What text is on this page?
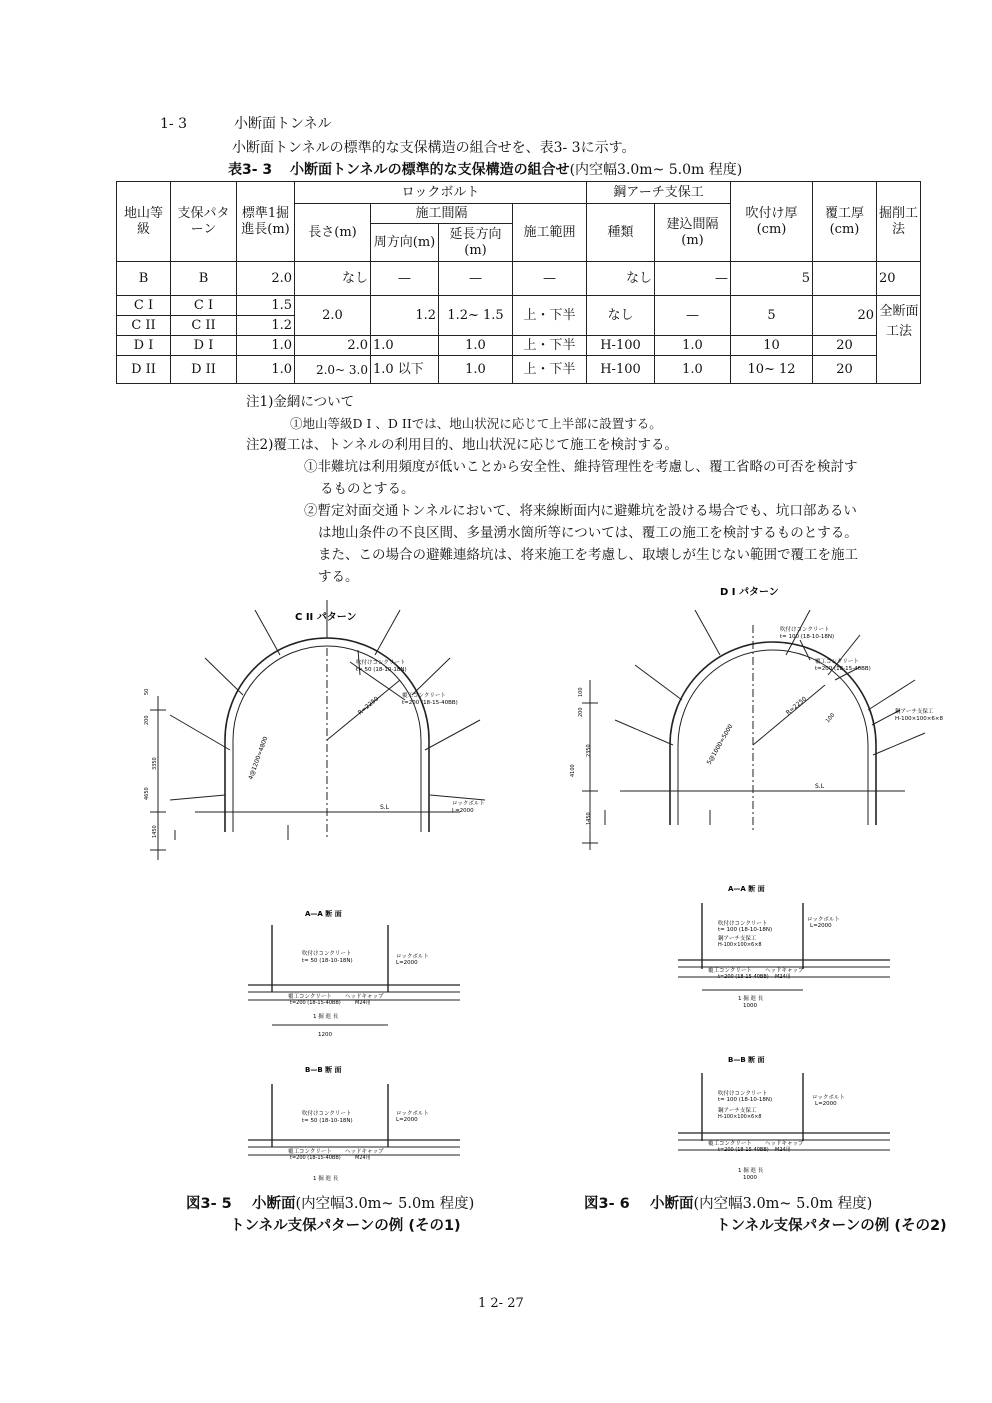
1- 3	小断面トンネル
小断面トンネルの標準的な支保構造の組合せを、表3- 3に示す。
表3- 3 小断面トンネルの標準的な支保構造の組合せ(内空幅3.0m~ 5.0m 程度)
地山等級	支保パターン	標準1掘進長(m)	ロックボルト				鋼アーチ支保工		吹付け厚(cm)	覆工厚(cm)	掘削工法
			長さ(m)	施工間隔		施工範囲	種類	建込間隔(m)			
				周方向(m)	延長方向(m)						
B	B	2.0	なし	—	—	—	なし	—	5		20
C I	C I	1.5	2.0	1.2	1.2~ 1.5	上・下半	なし	—	5	20	全断面工法
C II	C II	1.2									
D I	D I	1.0	2.0	1.0	1.0	上・下半	H-100	1.0	10	20	
D II	D II	1.0	2.0~ 3.0	1.0 以下	1.0	上・下半	H-100	1.0	10~ 12	20	
注1)金網について
①地山等級D I 、D IIでは、地山状況に応じて上半部に設置する。
注2)覆工は、トンネルの利用目的、地山状況に応じて施工を検討する。
①非難坑は利用頻度が低いことから安全性、維持管理性を考慮し、覆工省略の可否を検討す
るものとする。
②暫定対面交通トンネルにおいて、将来線断面内に避難坑を設ける場合でも、坑口部あるい
は地山条件の不良区間、多量湧水箇所等については、覆工の施工を検討するものとする。
また、この場合の避難連絡坑は、将来施工を考慮し、取壊しが生じない範囲で覆工を施工
する。
C II パターン
吹付けコンクリート
t= 50 (18-10-18N)
覆工コンクリート
t=200 (18-15-40BB)
ロックボルト
L=2000
R=2250
4@1200=4800
S.L
50
200
3350
4650
1450
A—A 断 面
吹付けコンクリート
t= 50 (18-10-18N)
ロックボルト
L=2000
覆工コンクリート
t=200 (18-15-40BB)
ヘッドキャップ
M24用
1 掘 進 長
1200
B—B 断 面
吹付けコンクリート
t= 50 (18-10-18N)
ロックボルト
L=2000
覆工コンクリート
t=200 (18-15-40BB)
ヘッドキャップ
M24用
1 掘 進 長
D I パターン
吹付けコンクリート
t= 100 (18-10-18N)
覆工コンクリート
t=200 (18-15-40BB)
鋼アーチ支保工
H-100×100×6×8
R=2250
5@1000=5000
S.L
100
100
200
2350
4100
1450
A—A 断 面
吹付けコンクリート
t= 100 (18-10-18N)
ロックボルト
L=2000
鋼アーチ支保工
H-100×100×6×8
覆工コンクリート
t=200 (18-15-40BB)
ヘッドキャップ
M24用
1 掘 進 長
1000
B—B 断 面
吹付けコンクリート
t= 100 (18-10-18N)	ロックボルト
L=2000
鋼アーチ支保工
H-100×100×6×8
覆工コンクリート
t=200 (18-15-40BB)
ヘッドキャップ
M24用
1 掘 進 長
1000
図3- 5 小断面(内空幅3.0m~ 5.0m 程度)
トンネル支保パターンの例 (その1)
図3- 6 小断面(内空幅3.0m~ 5.0m 程度)
トンネル支保パターンの例 (その2)
1 2- 27
